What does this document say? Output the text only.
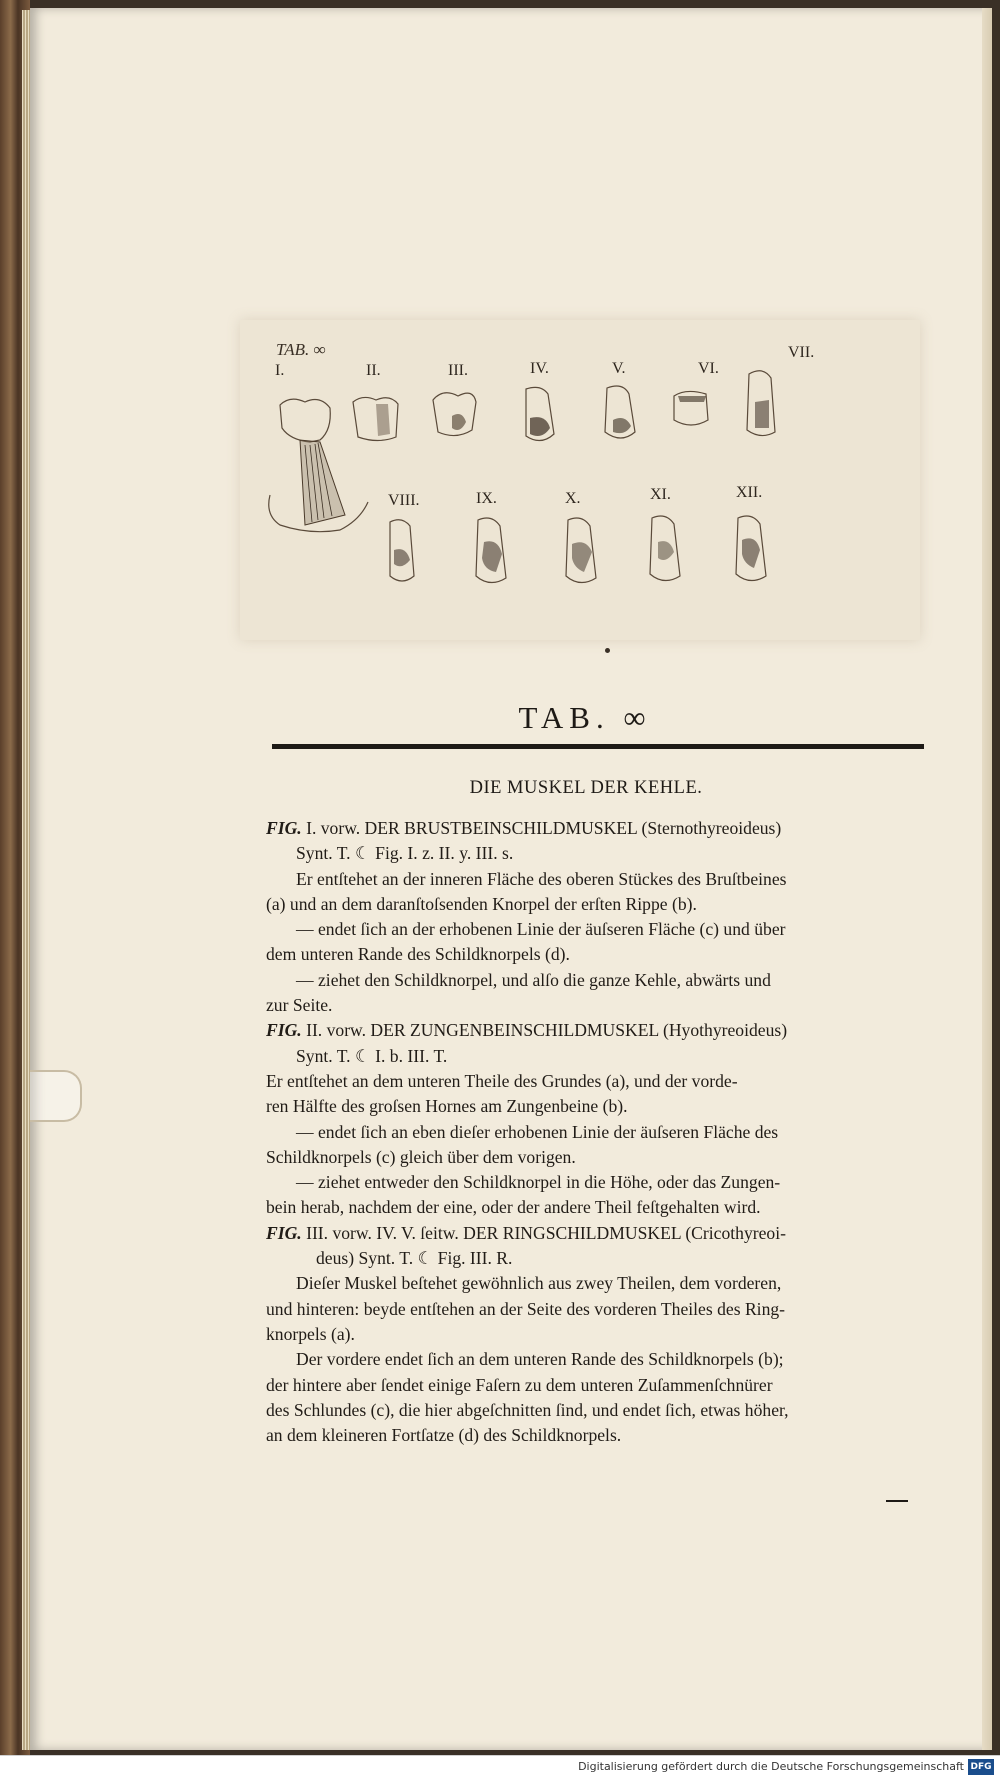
TAB. ∞
I.	II.	III.	IV.	V.	VI.
VII.
VIII.	IX.	X.	XI.	XII.
TAB. ∞
DIE MUSKEL DER KEHLE.
FIG. I. vorw. DER BRUSTBEINSCHILDMUSKEL (Sternothyreoideus)
Synt. T. ☾ Fig. I. z. II. y. III. s.
Er entſtehet an der inneren Fläche des oberen Stückes des Bruſtbeines
(a) und an dem daranſtoſsenden Knorpel der erſten Rippe (b).
— endet ſich an der erhobenen Linie der äuſseren Fläche (c) und über
dem unteren Rande des Schildknorpels (d).
— ziehet den Schildknorpel, und alſo die ganze Kehle, abwärts und
zur Seite.
FIG. II. vorw. DER ZUNGENBEINSCHILDMUSKEL (Hyothyreoideus)
Synt. T. ☾ I. b. III. T.
Er entſtehet an dem unteren Theile des Grundes (a), und der vorde-
ren Hälfte des groſsen Hornes am Zungenbeine (b).
— endet ſich an eben dieſer erhobenen Linie der äuſseren Fläche des
Schildknorpels (c) gleich über dem vorigen.
— ziehet entweder den Schildknorpel in die Höhe, oder das Zungen-
bein herab, nachdem der eine, oder der andere Theil feſtgehalten wird.
FIG. III. vorw. IV. V. ſeitw. DER RINGSCHILDMUSKEL (Cricothyreoi-
deus) Synt. T. ☾ Fig. III. R.
Dieſer Muskel beſtehet gewöhnlich aus zwey Theilen, dem vorderen,
und hinteren: beyde entſtehen an der Seite des vorderen Theiles des Ring-
knorpels (a).
Der vordere endet ſich an dem unteren Rande des Schildknorpels (b);
der hintere aber ſendet einige Faſern zu dem unteren Zuſammenſchnürer
des Schlundes (c), die hier abgeſchnitten ſind, und endet ſich, etwas höher,
an dem kleineren Fortſatze (d) des Schildknorpels.
Digitalisierung gefördert durch die Deutsche Forschungsgemeinschaft DFG
